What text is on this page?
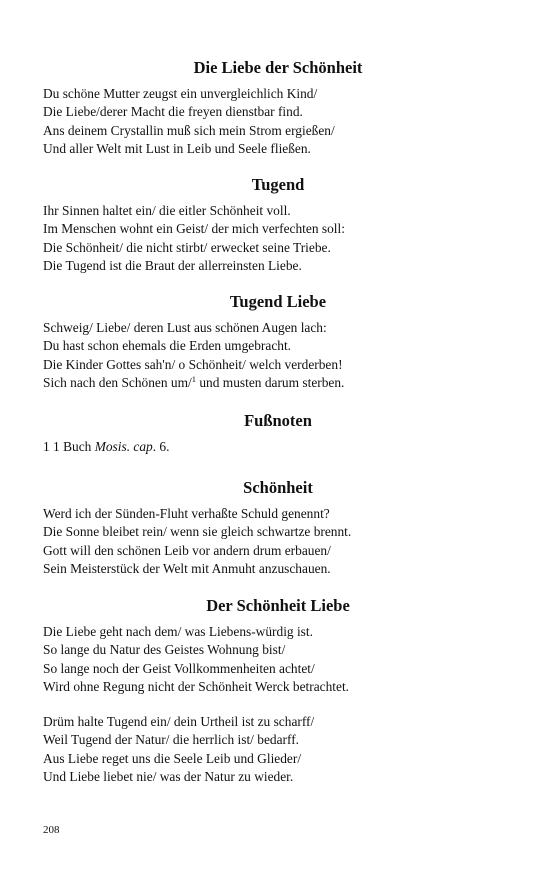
Die Liebe der Schönheit
Du schöne Mutter zeugst ein unvergleichlich Kind/
Die Liebe/derer Macht die freyen dienstbar find.
Ans deinem Crystallin muß sich mein Strom ergießen/
Und aller Welt mit Lust in Leib und Seele fließen.
Tugend
Ihr Sinnen haltet ein/ die eitler Schönheit voll.
Im Menschen wohnt ein Geist/ der mich verfechten soll:
Die Schönheit/ die nicht stirbt/ erwecket seine Triebe.
Die Tugend ist die Braut der allerreinsten Liebe.
Tugend Liebe
Schweig/ Liebe/ deren Lust aus schönen Augen lach:
Du hast schon ehemals die Erden umgebracht.
Die Kinder Gottes sah'n/ o Schönheit/ welch verderben!
Sich nach den Schönen um/$^1$ und musten darum sterben.
Fußnoten
1 1 Buch Mosis. cap. 6.
Schönheit
Werd ich der Sünden-Fluht verhaßte Schuld genennt?
Die Sonne bleibet rein/ wenn sie gleich schwartze brennt.
Gott will den schönen Leib vor andern drum erbauen/
Sein Meisterstück der Welt mit Anmuht anzuschauen.
Der Schönheit Liebe
Die Liebe geht nach dem/ was Liebens-würdig ist.
So lange du Natur des Geistes Wohnung bist/
So lange noch der Geist Vollkommenheiten achtet/
Wird ohne Regung nicht der Schönheit Werck betrachtet.
Drüm halte Tugend ein/ dein Urtheil ist zu scharff/
Weil Tugend der Natur/ die herrlich ist/ bedarff.
Aus Liebe reget uns die Seele Leib und Glieder/
Und Liebe liebet nie/ was der Natur zu wieder.
208
